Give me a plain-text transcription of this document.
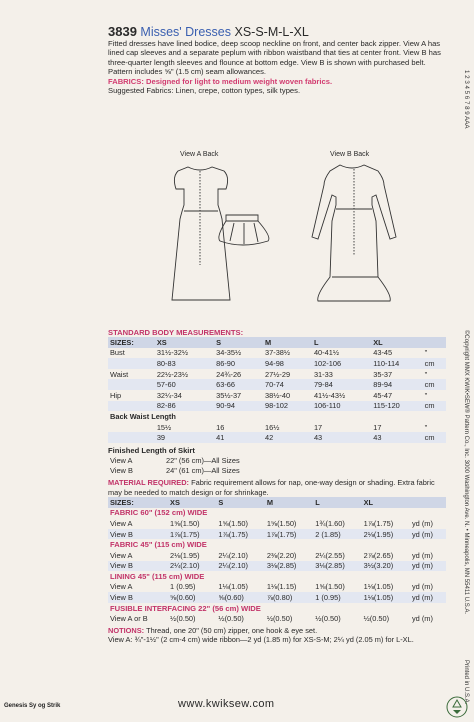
3839 Misses' Dresses XS-S-M-L-XL

Fitted dresses have lined bodice, deep scoop neckline on front, and center back zipper. View A has lined cap sleeves and a separate peplum with ribbon waistband that ties at center front. View B has three-quarter length sleeves and flounce at bottom edge. View B is shown with purchased belt.

Pattern includes ⅝" (1.5 cm) seam allowances.

FABRICS: Designed for light to medium weight woven fabrics.

Suggested Fabrics: Linen, crepe, cotton types, silk types.

View A Back	View B Back
STANDARD BODY MEASUREMENTS:
SIZES:	XS	S	M	L	XL	
Bust	31½-32½	34-35½	37-38½	40-41½	43-45	"
	80-83	86-90	94-98	102-106	110-114	cm
Waist	22½-23½	24¾-26	27½-29	31-33	35-37	"
	57-60	63-66	70-74	79-84	89-94	cm
Hip	32¼-34	35½-37	38½-40	41½-43½	45-47	"
	82-86	90-94	98-102	106-110	115-120	cm
Back Waist Length						
	15½	16	16½	17	17	"
	39	41	42	43	43	cm
Finished Length of Skirt
View A	22" (56 cm)—All Sizes
View B	24" (61 cm)—All Sizes
MATERIAL REQUIRED: Fabric requirement allows for nap, one-way design or shading. Extra fabric may be needed to match design or for shrinkage.
SIZES:	XS	S	M	L	XL	
FABRIC 60" (152 cm) WIDE						
View A	1⅝(1.50)	1⅝(1.50)	1⅝(1.50)	1¾(1.60)	1⅞(1.75)	yd (m)
View B	1⅞(1.75)	1⅞(1.75)	1⅞(1.75)	2 (1.85)	2⅛(1.95)	yd (m)
FABRIC 45" (115 cm) WIDE						
View A	2⅛(1.95)	2¼(2.10)	2⅜(2.20)	2¼(2.55)	2⅞(2.65)	yd (m)
View B	2¼(2.10)	2¼(2.10)	3⅛(2.85)	3⅛(2.85)	3½(3.20)	yd (m)
LINING 45" (115 cm) WIDE						
View A	1 (0.95)	1⅛(1.05)	1⅛(1.15)	1⅝(1.50)	1⅛(1.05)	yd (m)
View B	⅝(0.60)	⅝(0.60)	⅞(0.80)	1 (0.95)	1⅛(1.05)	yd (m)
FUSIBLE INTERFACING 22" (56 cm) WIDE						
View A or B	½(0.50)	½(0.50)	½(0.50)	½(0.50)	½(0.50)	yd (m)
NOTIONS: Thread, one 20" (50 cm) zipper, one hook & eye set.
View A: ¾"-1½" (2 cm-4 cm) wide ribbon—2 yd (1.85 m) for XS-S-M; 2¼ yd (2.05 m) for L-XL.
1 2 3 4 5 6 7 8 9 AAA
©Copyright MMX KWIK•SEW® Pattern Co., Inc. 3000 Washington Ave. N. • Minneapolis, MN 55411 U.S.A.
Printed in U.S.A.
Genesis Sy og Strik	www.kwiksew.com
